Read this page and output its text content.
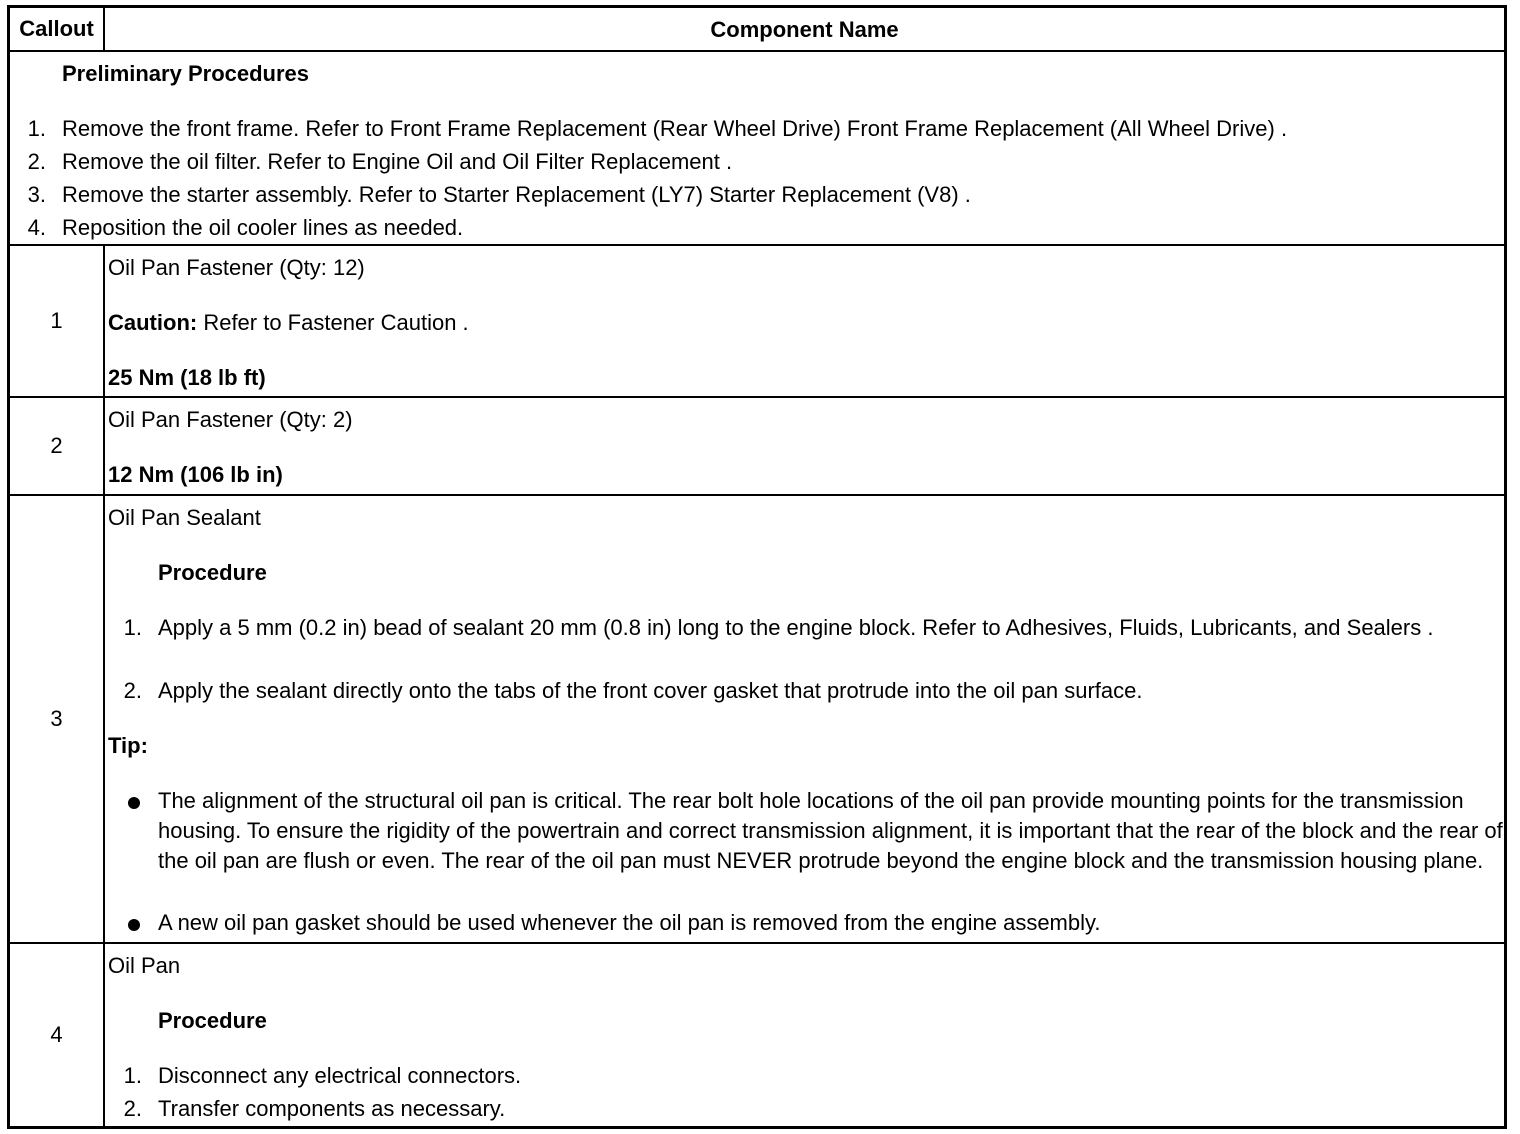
Callout	Component Name
Preliminary Procedures
1. Remove the front frame. Refer to Front Frame Replacement (Rear Wheel Drive) Front Frame Replacement (All Wheel Drive) .
2. Remove the oil filter. Refer to Engine Oil and Oil Filter Replacement .
3. Remove the starter assembly. Refer to Starter Replacement (LY7) Starter Replacement (V8) .
4. Reposition the oil cooler lines as needed.
1
Oil Pan Fastener (Qty: 12)
Caution: Refer to Fastener Caution .
25 Nm (18 lb ft)
2
Oil Pan Fastener (Qty: 2)
12 Nm (106 lb in)
3
Oil Pan Sealant
Procedure
1. Apply a 5 mm (0.2 in) bead of sealant 20 mm (0.8 in) long to the engine block. Refer to Adhesives, Fluids, Lubricants, and Sealers .
2. Apply the sealant directly onto the tabs of the front cover gasket that protrude into the oil pan surface.
Tip:
The alignment of the structural oil pan is critical. The rear bolt hole locations of the oil pan provide mounting points for the transmission housing. To ensure the rigidity of the powertrain and correct transmission alignment, it is important that the rear of the block and the rear of the oil pan are flush or even. The rear of the oil pan must NEVER protrude beyond the engine block and the transmission housing plane.
A new oil pan gasket should be used whenever the oil pan is removed from the engine assembly.
4
Oil Pan
Procedure
1. Disconnect any electrical connectors.
2. Transfer components as necessary.
